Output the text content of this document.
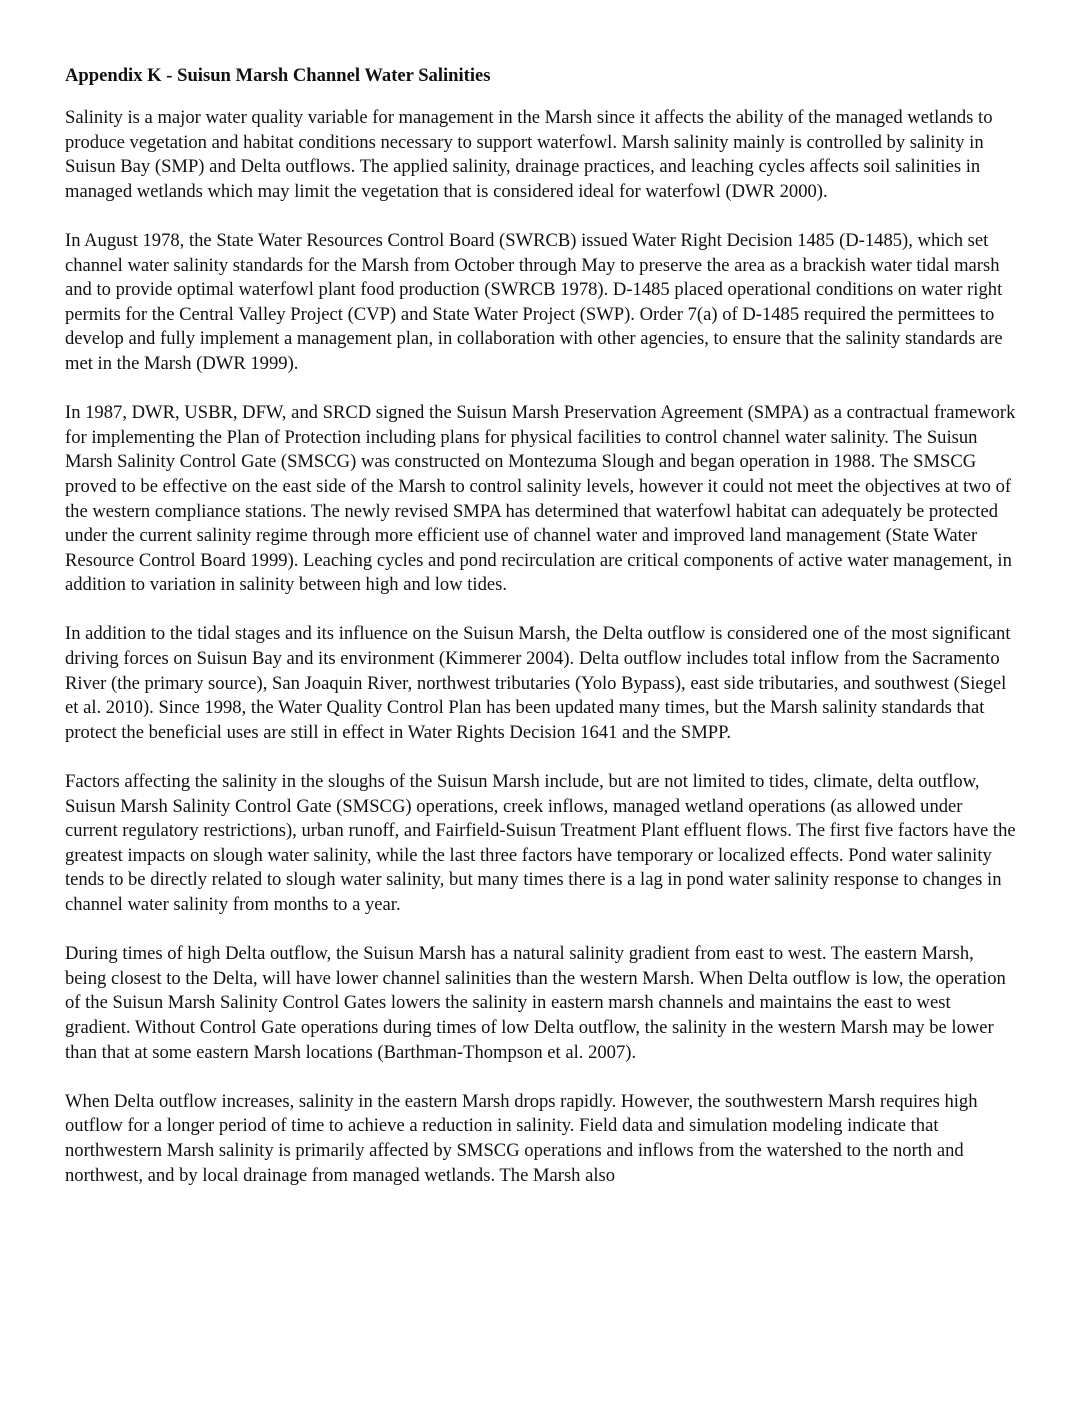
Appendix K - Suisun Marsh Channel Water Salinities

Salinity is a major water quality variable for management in the Marsh since it affects the ability of the managed wetlands to produce vegetation and habitat conditions necessary to support waterfowl. Marsh salinity mainly is controlled by salinity in Suisun Bay (SMP) and Delta outflows. The applied salinity, drainage practices, and leaching cycles affects soil salinities in managed wetlands which may limit the vegetation that is considered ideal for waterfowl (DWR 2000).

In August 1978, the State Water Resources Control Board (SWRCB) issued Water Right Decision 1485 (D-1485), which set channel water salinity standards for the Marsh from October through May to preserve the area as a brackish water tidal marsh and to provide optimal waterfowl plant food production (SWRCB 1978). D-1485 placed operational conditions on water right permits for the Central Valley Project (CVP) and State Water Project (SWP). Order 7(a) of D-1485 required the permittees to develop and fully implement a management plan, in collaboration with other agencies, to ensure that the salinity standards are met in the Marsh (DWR 1999).

In 1987, DWR, USBR, DFW, and SRCD signed the Suisun Marsh Preservation Agreement (SMPA) as a contractual framework for implementing the Plan of Protection including plans for physical facilities to control channel water salinity. The Suisun Marsh Salinity Control Gate (SMSCG) was constructed on Montezuma Slough and began operation in 1988. The SMSCG proved to be effective on the east side of the Marsh to control salinity levels, however it could not meet the objectives at two of the western compliance stations. The newly revised SMPA has determined that waterfowl habitat can adequately be protected under the current salinity regime through more efficient use of channel water and improved land management (State Water Resource Control Board 1999). Leaching cycles and pond recirculation are critical components of active water management, in addition to variation in salinity between high and low tides.

In addition to the tidal stages and its influence on the Suisun Marsh, the Delta outflow is considered one of the most significant driving forces on Suisun Bay and its environment (Kimmerer 2004). Delta outflow includes total inflow from the Sacramento River (the primary source), San Joaquin River, northwest tributaries (Yolo Bypass), east side tributaries, and southwest (Siegel et al. 2010). Since 1998, the Water Quality Control Plan has been updated many times, but the Marsh salinity standards that protect the beneficial uses are still in effect in Water Rights Decision 1641 and the SMPP.

Factors affecting the salinity in the sloughs of the Suisun Marsh include, but are not limited to tides, climate, delta outflow, Suisun Marsh Salinity Control Gate (SMSCG) operations, creek inflows, managed wetland operations (as allowed under current regulatory restrictions), urban runoff, and Fairfield-Suisun Treatment Plant effluent flows. The first five factors have the greatest impacts on slough water salinity, while the last three factors have temporary or localized effects. Pond water salinity tends to be directly related to slough water salinity, but many times there is a lag in pond water salinity response to changes in channel water salinity from months to a year.

During times of high Delta outflow, the Suisun Marsh has a natural salinity gradient from east to west. The eastern Marsh, being closest to the Delta, will have lower channel salinities than the western Marsh. When Delta outflow is low, the operation of the Suisun Marsh Salinity Control Gates lowers the salinity in eastern marsh channels and maintains the east to west gradient. Without Control Gate operations during times of low Delta outflow, the salinity in the western Marsh may be lower than that at some eastern Marsh locations (Barthman-Thompson et al. 2007).

When Delta outflow increases, salinity in the eastern Marsh drops rapidly. However, the southwestern Marsh requires high outflow for a longer period of time to achieve a reduction in salinity. Field data and simulation modeling indicate that northwestern Marsh salinity is primarily affected by SMSCG operations and inflows from the watershed to the north and northwest, and by local drainage from managed wetlands. The Marsh also
